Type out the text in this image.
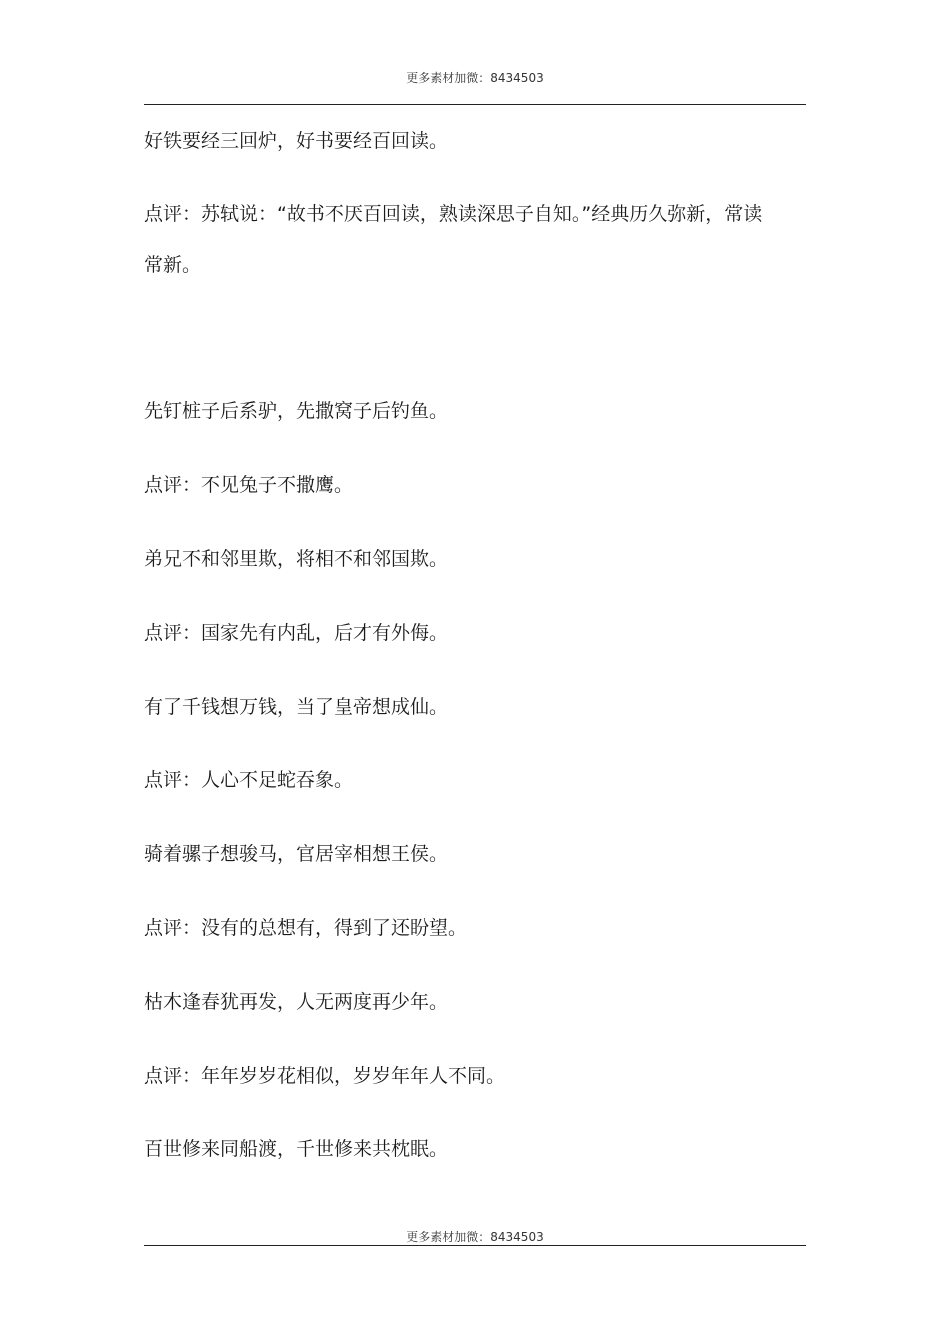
更多素材加微：8434503
好铁要经三回炉，好书要经百回读。
点评：苏轼说：“故书不厌百回读，熟读深思子自知。”经典历久弥新，常读
常新。
先钉桩子后系驴，先撒窝子后钓鱼。
点评：不见兔子不撒鹰。
弟兄不和邻里欺，将相不和邻国欺。
点评：国家先有内乱，后才有外侮。
有了千钱想万钱，当了皇帝想成仙。
点评：人心不足蛇吞象。
骑着骡子想骏马，官居宰相想王侯。
点评：没有的总想有，得到了还盼望。
枯木逢春犹再发，人无两度再少年。
点评：年年岁岁花相似，岁岁年年人不同。
百世修来同船渡，千世修来共枕眠。
更多素材加微：8434503
